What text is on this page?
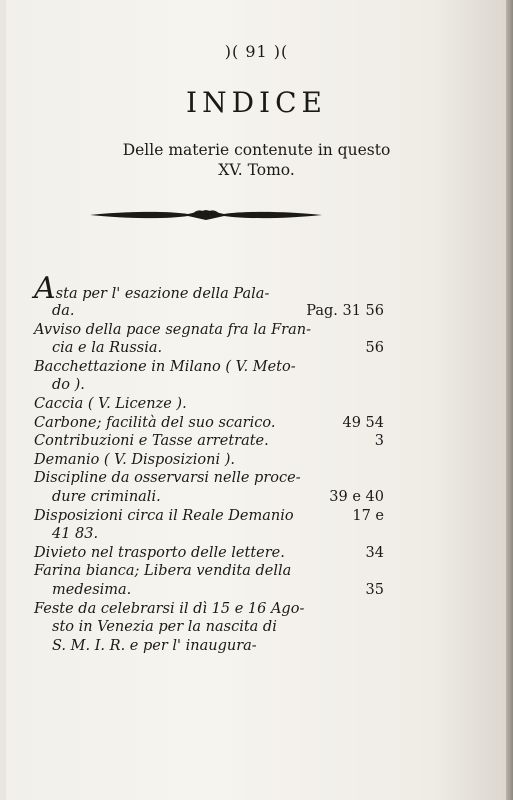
)( 91 )(
INDICE
Delle materie contenute in questo
XV. Tomo.
Asta per l' esazione della Pala-
da.	Pag. 31 56
Avviso della pace segnata fra la Fran-
cia e la Russia.	56
Bacchettazione in Milano ( V. Meto-
do ).
Caccia ( V. Licenze ).
Carbone; facilità del suo scarico.	49 54
Contribuzioni e Tasse arretrate.	3
Demanio ( V. Disposizioni ).
Discipline da osservarsi nelle proce-
dure criminali.	39 e 40
Disposizioni circa il Reale Demanio	17 e
41 83.
Divieto nel trasporto delle lettere.	34
Farina bianca; Libera vendita della
medesima.	35
Feste da celebrarsi il dì 15 e 16 Ago-
sto in Venezia per la nascita di
S. M. I. R. e per l' inaugura-
